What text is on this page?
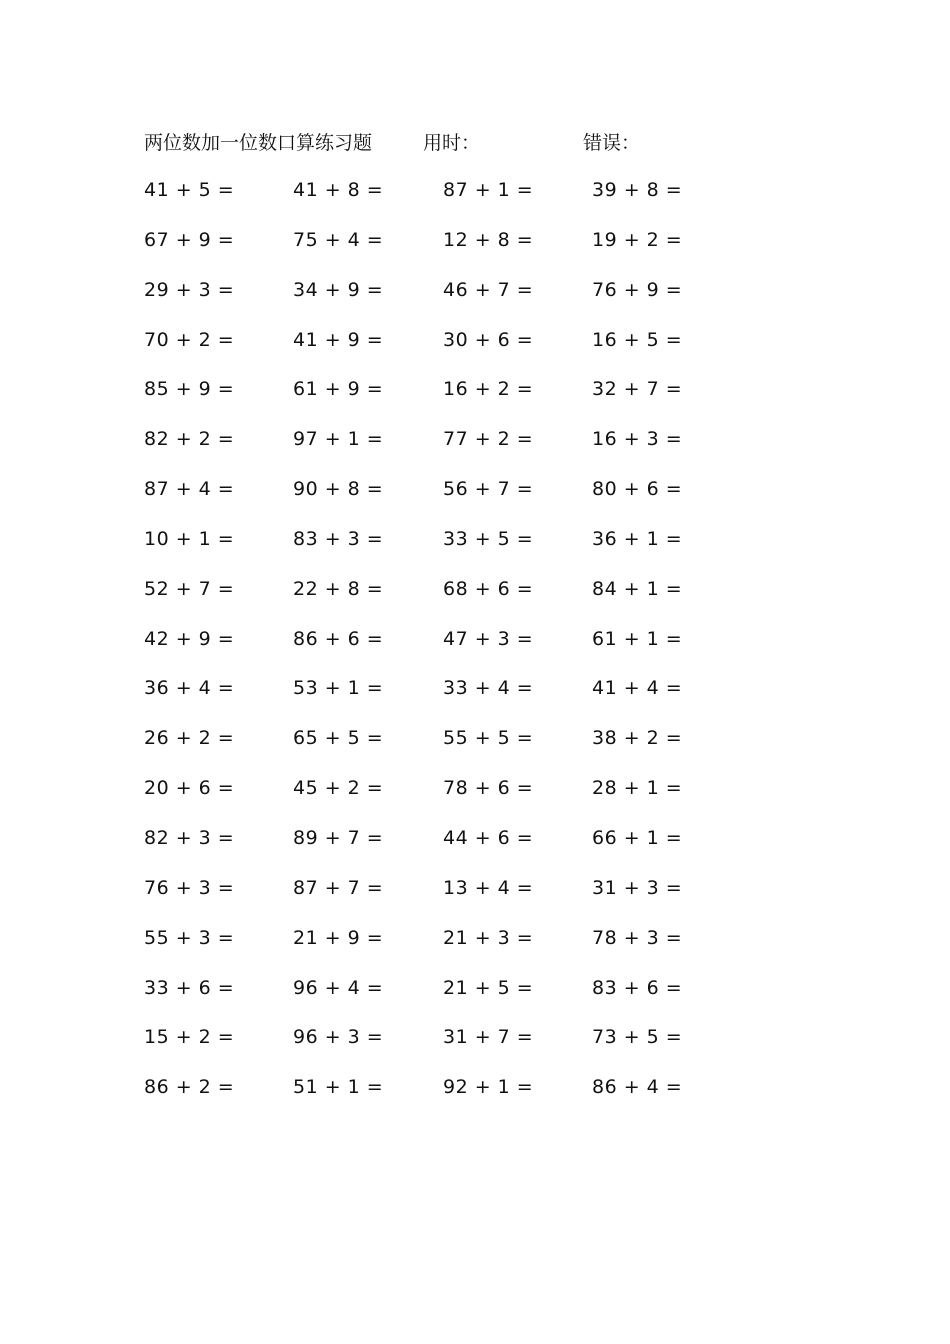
两位数加一位数口算练习题	用时：	错误：
41 + 5 =	41 + 8 =	87 + 1 =	39 + 8 =
67 + 9 =	75 + 4 =	12 + 8 =	19 + 2 =
29 + 3 =	34 + 9 =	46 + 7 =	76 + 9 =
70 + 2 =	41 + 9 =	30 + 6 =	16 + 5 =
85 + 9 =	61 + 9 =	16 + 2 =	32 + 7 =
82 + 2 =	97 + 1 =	77 + 2 =	16 + 3 =
87 + 4 =	90 + 8 =	56 + 7 =	80 + 6 =
10 + 1 =	83 + 3 =	33 + 5 =	36 + 1 =
52 + 7 =	22 + 8 =	68 + 6 =	84 + 1 =
42 + 9 =	86 + 6 =	47 + 3 =	61 + 1 =
36 + 4 =	53 + 1 =	33 + 4 =	41 + 4 =
26 + 2 =	65 + 5 =	55 + 5 =	38 + 2 =
20 + 6 =	45 + 2 =	78 + 6 =	28 + 1 =
82 + 3 =	89 + 7 =	44 + 6 =	66 + 1 =
76 + 3 =	87 + 7 =	13 + 4 =	31 + 3 =
55 + 3 =	21 + 9 =	21 + 3 =	78 + 3 =
33 + 6 =	96 + 4 =	21 + 5 =	83 + 6 =
15 + 2 =	96 + 3 =	31 + 7 =	73 + 5 =
86 + 2 =	51 + 1 =	92 + 1 =	86 + 4 =
